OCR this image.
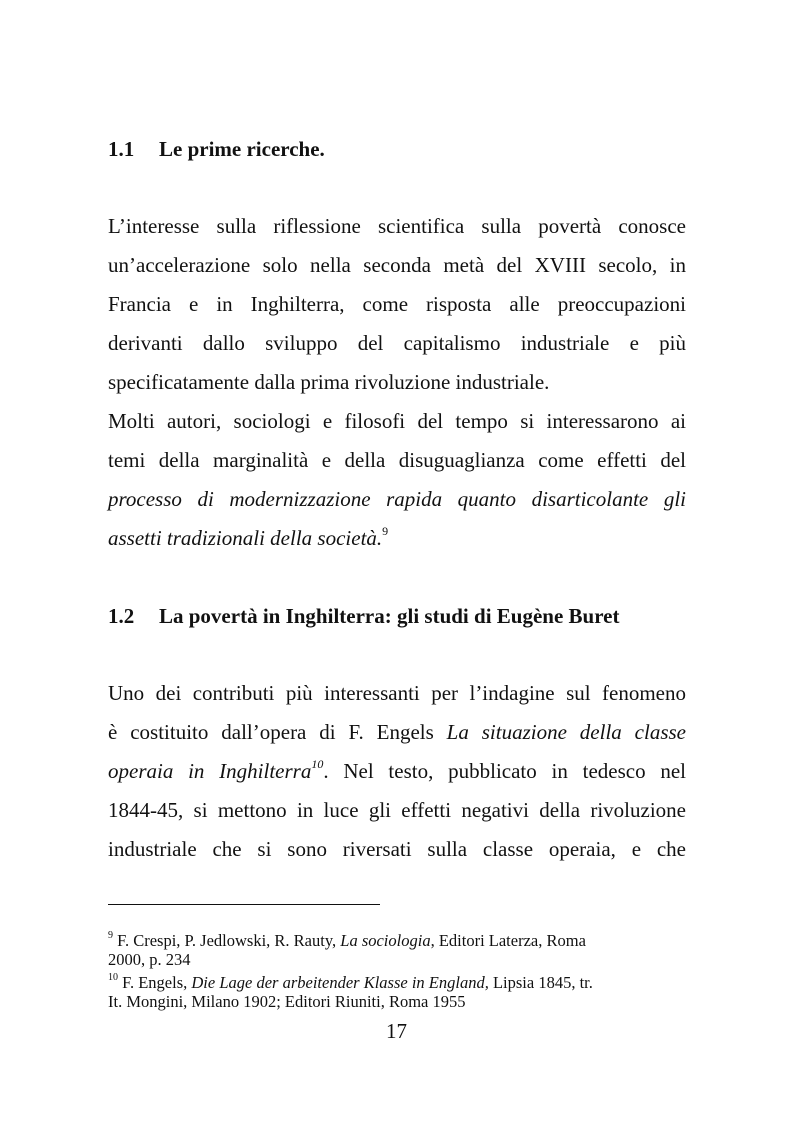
1.1 Le prime ricerche.
L’interesse sulla riflessione scientifica sulla povertà conosce
un’accelerazione solo nella seconda metà del XVIII secolo, in
Francia e in Inghilterra, come risposta alle preoccupazioni
derivanti dallo sviluppo del capitalismo industriale e più
specificatamente dalla prima rivoluzione industriale.
Molti autori, sociologi e filosofi del tempo si interessarono ai
temi della marginalità e della disuguaglianza come effetti del
processo di modernizzazione rapida quanto disarticolante gli
assetti tradizionali della società.$^9$
1.2 La povertà in Inghilterra: gli studi di Eugène Buret
Uno dei contributi più interessanti per l’indagine sul fenomeno
è costituito dall’opera di F. Engels La situazione della classe
operaia in Inghilterra$^{10}$. Nel testo, pubblicato in tedesco nel
1844-45, si mettono in luce gli effetti negativi della rivoluzione
industriale che si sono riversati sulla classe operaia, e che
$^9$ F. Crespi, P. Jedlowski, R. Rauty, La sociologia, Editori Laterza, Roma
2000, p. 234
$^{10}$ F. Engels, Die Lage der arbeitender Klasse in England, Lipsia 1845, tr.
It. Mongini, Milano 1902; Editori Riuniti, Roma 1955
17
